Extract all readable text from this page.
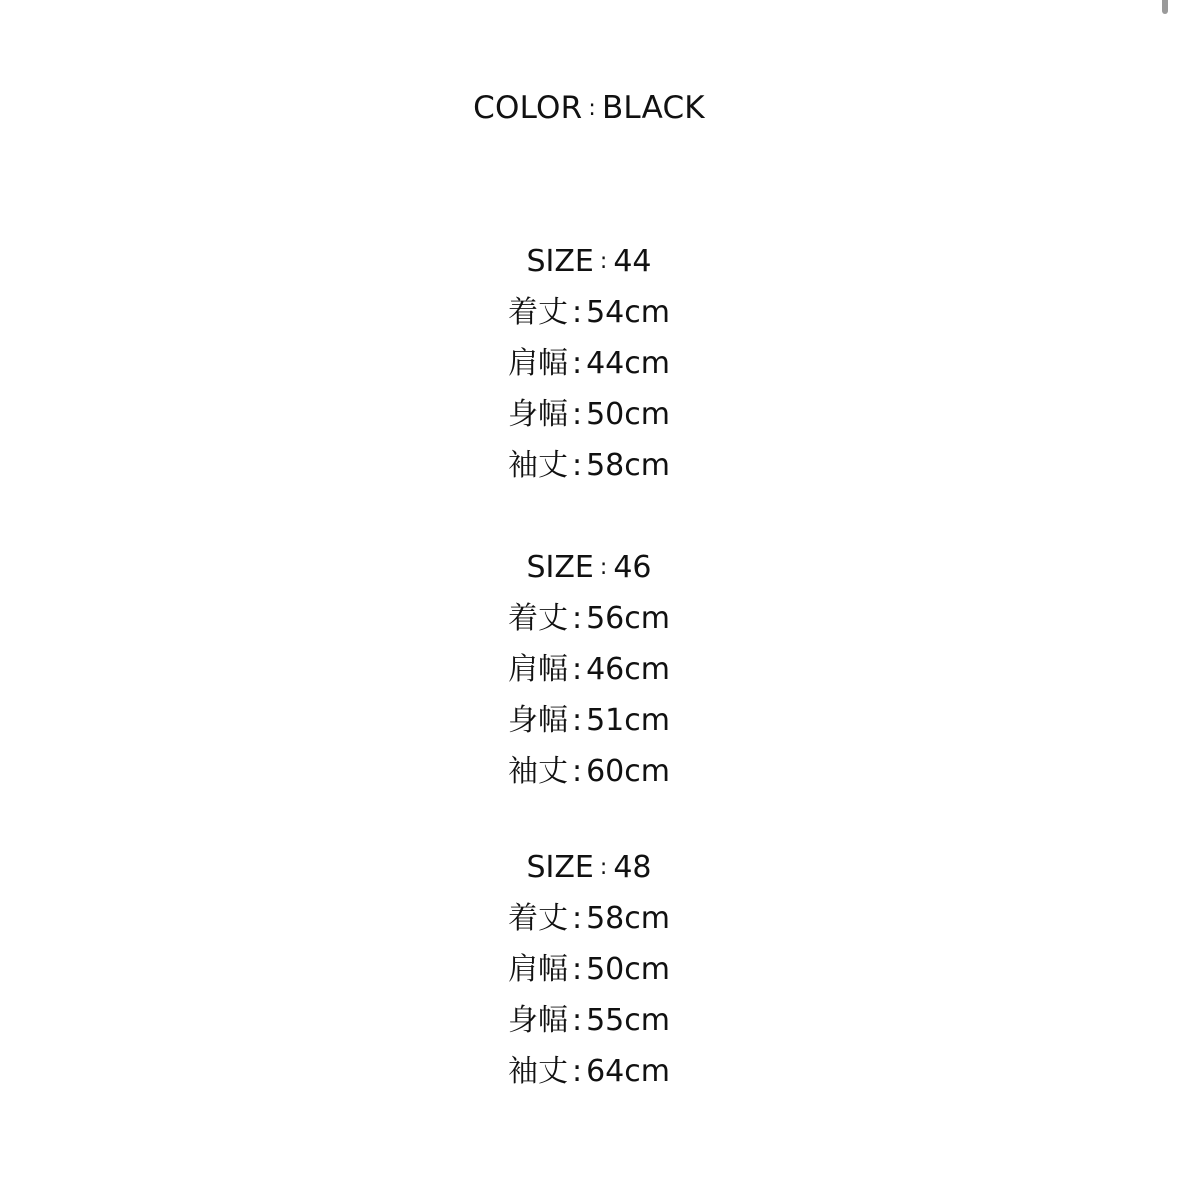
COLOR : BLACK
SIZE : 44
着丈 : 54cm
肩幅 : 44cm
身幅 : 50cm
袖丈 : 58cm
SIZE : 46
着丈 : 56cm
肩幅 : 46cm
身幅 : 51cm
袖丈 : 60cm
SIZE : 48
着丈 : 58cm
肩幅 : 50cm
身幅 : 55cm
袖丈 : 64cm
